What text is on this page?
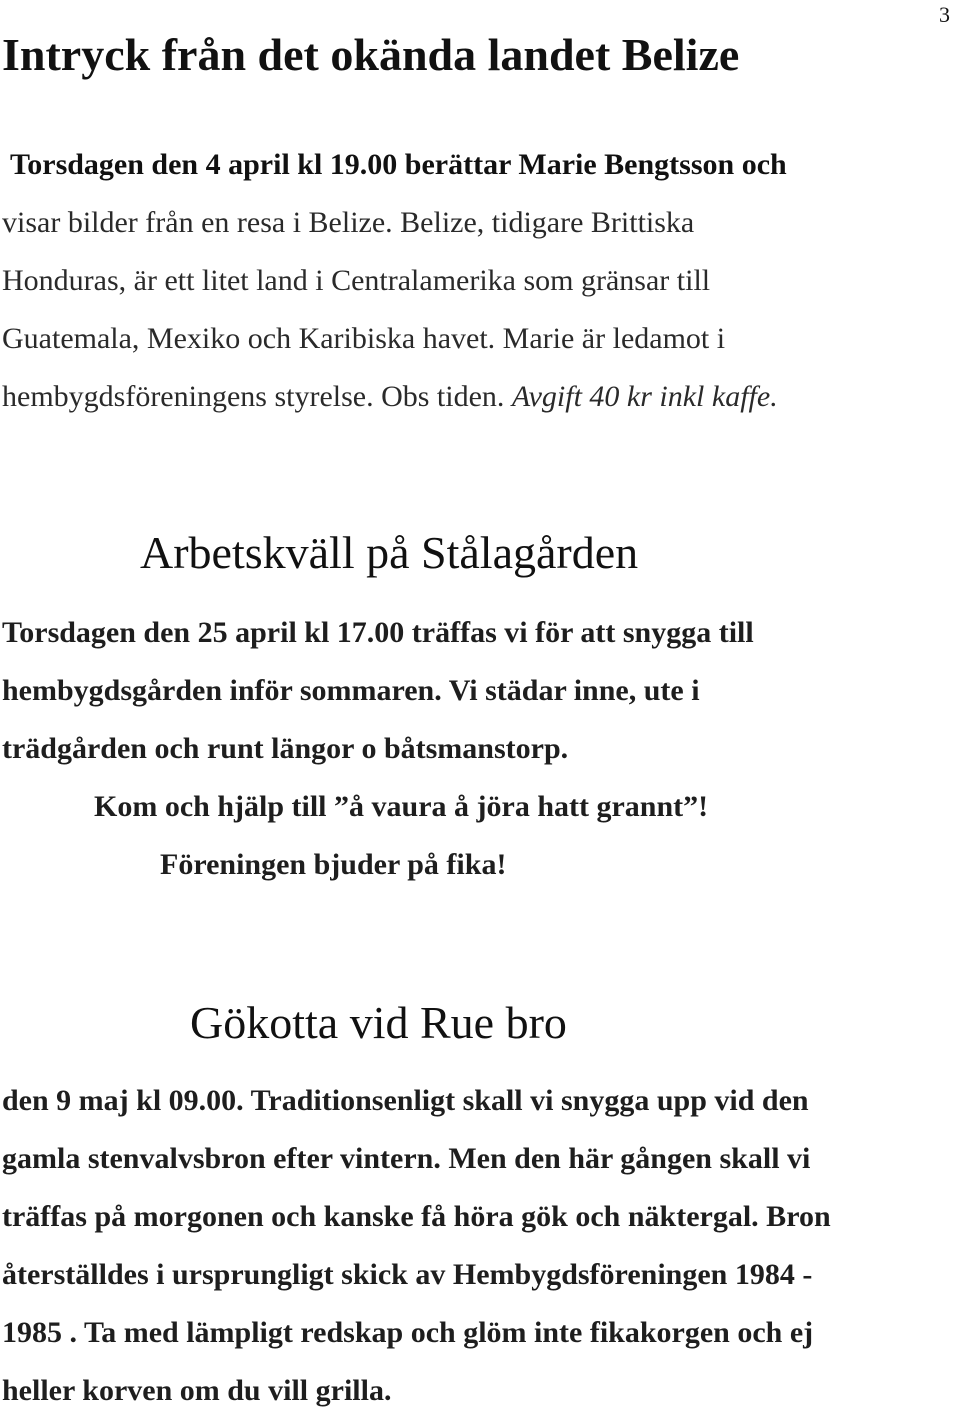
3
Intryck från det okända landet Belize
Torsdagen den 4 april kl 19.00 berättar Marie Bengtsson och
visar bilder från en resa i Belize. Belize, tidigare Brittiska
Honduras, är ett litet land i Centralamerika som gränsar till
Guatemala, Mexiko och Karibiska havet. Marie är ledamot i
hembygdsföreningens styrelse. Obs tiden. Avgift 40 kr inkl kaffe.
Arbetskväll på Stålagården
Torsdagen den 25 april kl 17.00 träffas vi för att snygga till
hembygdsgården inför sommaren. Vi städar inne, ute i
trädgården och runt längor o båtsmanstorp.
Kom och hjälp till ”å vaura å jöra hatt grannt”!
Föreningen bjuder på fika!
Gökotta vid Rue bro
den 9 maj kl 09.00. Traditionsenligt skall vi snygga upp vid den
gamla stenvalvsbron efter vintern. Men den här gången skall vi
träffas på morgonen och kanske få höra gök och näktergal. Bron
återställdes i ursprungligt skick av Hembygdsföreningen 1984 -
1985 . Ta med lämpligt redskap och glöm inte fikakorgen och ej
heller korven om du vill grilla.
